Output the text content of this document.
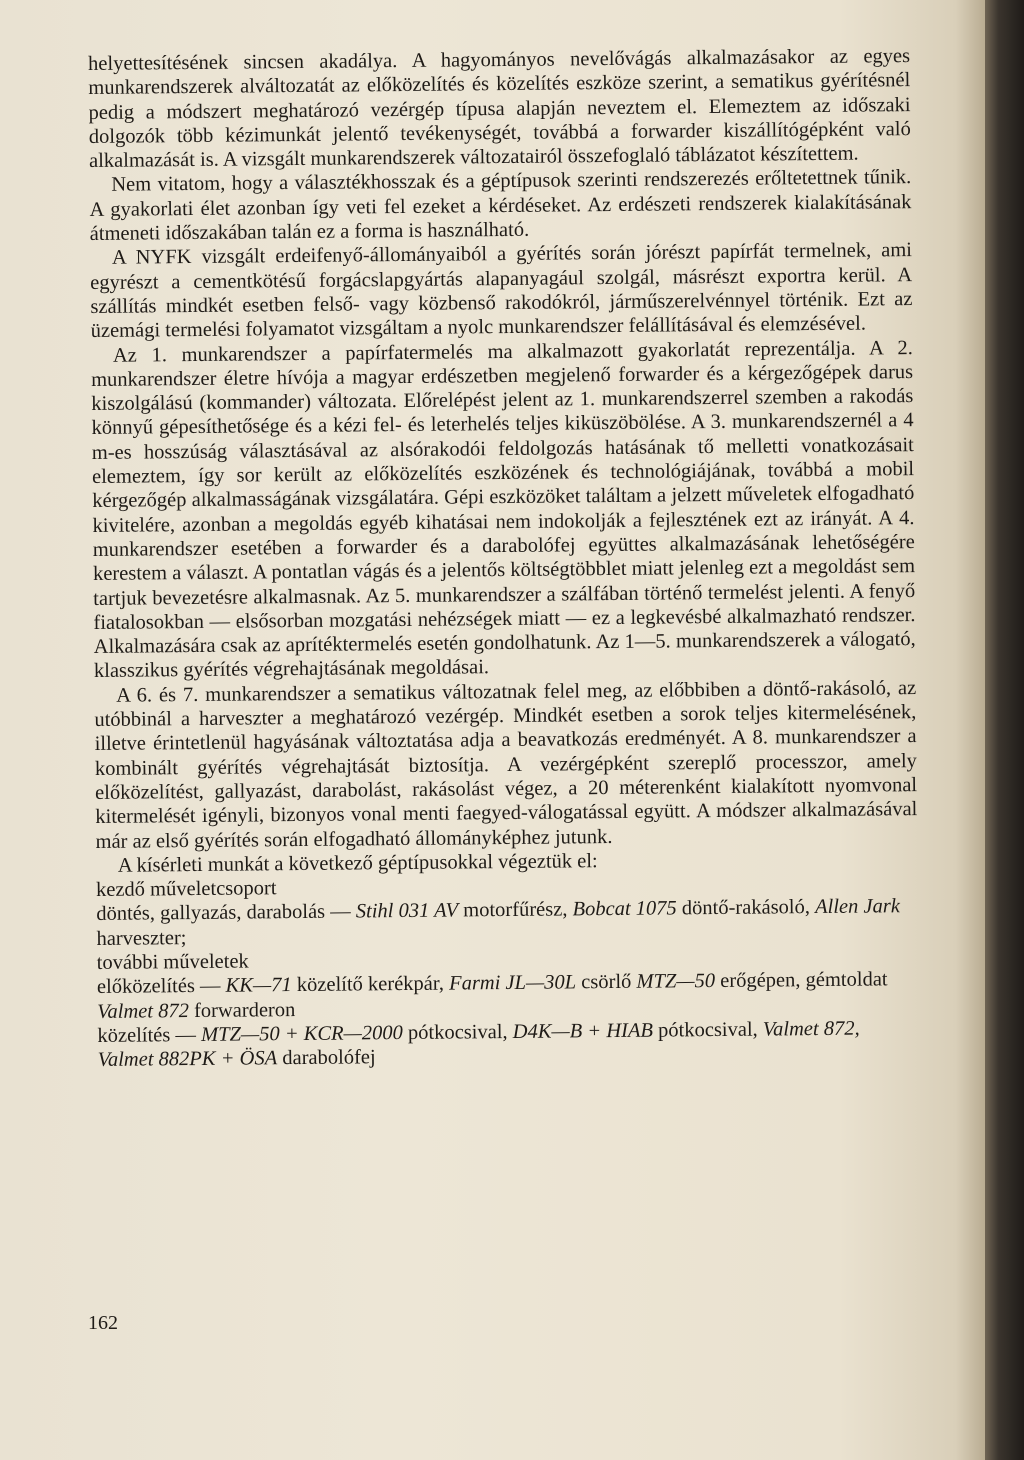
helyettesítésének sincsen akadálya. A hagyományos nevelővágás alkalmazásakor az egyes munkarendszerek alváltozatát az előközelítés és közelítés eszköze szerint, a sematikus gyérítésnél pedig a módszert meghatározó vezérgép típusa alapján neveztem el. Elemeztem az időszaki dolgozók több kézimunkát jelentő tevékenységét, továbbá a forwarder kiszállítógépként való alkalmazását is. A vizsgált munkarendszerek változatairól összefoglaló táblázatot készítettem.

Nem vitatom, hogy a választékhosszak és a géptípusok szerinti rendszerezés erőltetettnek tűnik. A gyakorlati élet azonban így veti fel ezeket a kérdéseket. Az erdészeti rendszerek kialakításának átmeneti időszakában talán ez a forma is használható.

A NYFK vizsgált erdeifenyő-állományaiból a gyérítés során jórészt papírfát termelnek, ami egyrészt a cementkötésű forgácslapgyártás alapanyagául szolgál, másrészt exportra kerül. A szállítás mindkét esetben felső- vagy közbenső rakodókról, járműszerelvénnyel történik. Ezt az üzemági termelési folyamatot vizsgáltam a nyolc munkarendszer felállításával és elemzésével.

Az 1. munkarendszer a papírfatermelés ma alkalmazott gyakorlatát reprezentálja. A 2. munkarendszer életre hívója a magyar erdészetben megjelenő forwarder és a kérgezőgépek darus kiszolgálású (kommander) változata. Előrelépést jelent az 1. munkarendszerrel szemben a rakodás könnyű gépesíthetősége és a kézi fel- és leterhelés teljes kiküszöbölése. A 3. munkarendszernél a 4 m-es hosszúság választásával az alsórakodói feldolgozás hatásának tő melletti vonatkozásait elemeztem, így sor került az előközelítés eszközének és technológiájának, továbbá a mobil kérgezőgép alkalmasságának vizsgálatára. Gépi eszközöket találtam a jelzett műveletek elfogadható kivitelére, azonban a megoldás egyéb kihatásai nem indokolják a fejlesztének ezt az irányát. A 4. munkarendszer esetében a forwarder és a darabolófej együttes alkalmazásának lehetőségére kerestem a választ. A pontatlan vágás és a jelentős költségtöbblet miatt jelenleg ezt a megoldást sem tartjuk bevezetésre alkalmasnak. Az 5. munkarendszer a szálfában történő termelést jelenti. A fenyő fiatalosokban — elsősorban mozgatási nehézségek miatt — ez a legkevésbé alkalmazható rendszer. Alkalmazására csak az aprítéktermelés esetén gondolhatunk. Az 1—5. munkarendszerek a válogató, klasszikus gyérítés végrehajtásának megoldásai.

A 6. és 7. munkarendszer a sematikus változatnak felel meg, az előbbiben a döntő-rakásoló, az utóbbinál a harveszter a meghatározó vezérgép. Mindkét esetben a sorok teljes kitermelésének, illetve érintetlenül hagyásának változtatása adja a beavatkozás eredményét. A 8. munkarendszer a kombinált gyérítés végrehajtását biztosítja. A vezérgépként szereplő processzor, amely előközelítést, gallyazást, darabolást, rakásolást végez, a 20 méterenként kialakított nyomvonal kitermelését igényli, bizonyos vonal menti faegyed-válogatással együtt. A módszer alkalmazásával már az első gyérítés során elfogadható állományképhez jutunk.

A kísérleti munkát a következő géptípusokkal végeztük el:

kezdő műveletcsoport

döntés, gallyazás, darabolás — Stihl 031 AV motorfűrész, Bobcat 1075 döntő-rakásoló, Allen Jark harveszter;

további műveletek

előközelítés — KK—71 közelítő kerékpár, Farmi JL—30L csörlő MTZ—50 erőgépen, gémtoldat Valmet 872 forwarderon

közelítés — MTZ—50 + KCR—2000 pótkocsival, D4K—B + HIAB pótkocsival, Valmet 872, Valmet 882PK + ÖSA darabolófej

162
